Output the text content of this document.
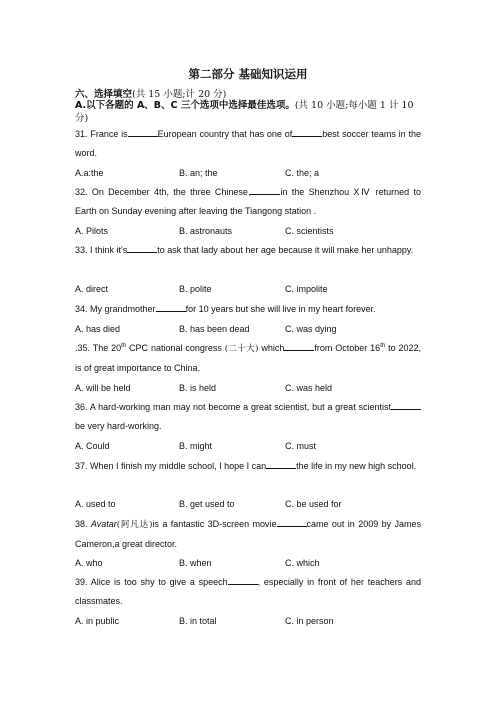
第二部分 基础知识运用
六、选择填空(共 15 小题;计 20 分)
A.以下各题的 A、B、C 三个选项中选择最佳选项。(共 10 小题;每小题 1 计 10 分)
31. France is	European country that has one of	best soccer teams in the word.
A.a:the	B. an; the	C. the; a
32. On December 4th, the three Chinese,	in the Shenzhou XⅣ returned to Earth on Sunday evening after leaving the Tiangong station .
A. Pilots	B. astronauts	C. scientists
33. I think it's	to ask that lady about her age because it will make her unhappy.
A. direct	B. polite	C. impolite
34. My grandmother	for 10 years but she will live in my heart forever.
A. has died	B. has been dead	C. was dying
.35. The 20th CPC national congress (二十大) which	from October 16th to 2022, is of great importance to China.
A. will be held	B. is held	C. was held
36. A hard-working man may not become a great scientist, but a great scientistbe very hard-working.
A. Could	B. might	C. must
37. When I finish my middle school, I hope I can	the life in my new high school.
A. used to	B. get used to	C. be used for
38. Avatar(阿凡达)is a fantastic 3D-screen movie	came out in 2009 by James Cameron,a great director.
A. who	B. when	C. which
39. Alice is too shy to give a speech	, especially in front of her teachers and classmates.
A. in public	B. in total	C. in person
